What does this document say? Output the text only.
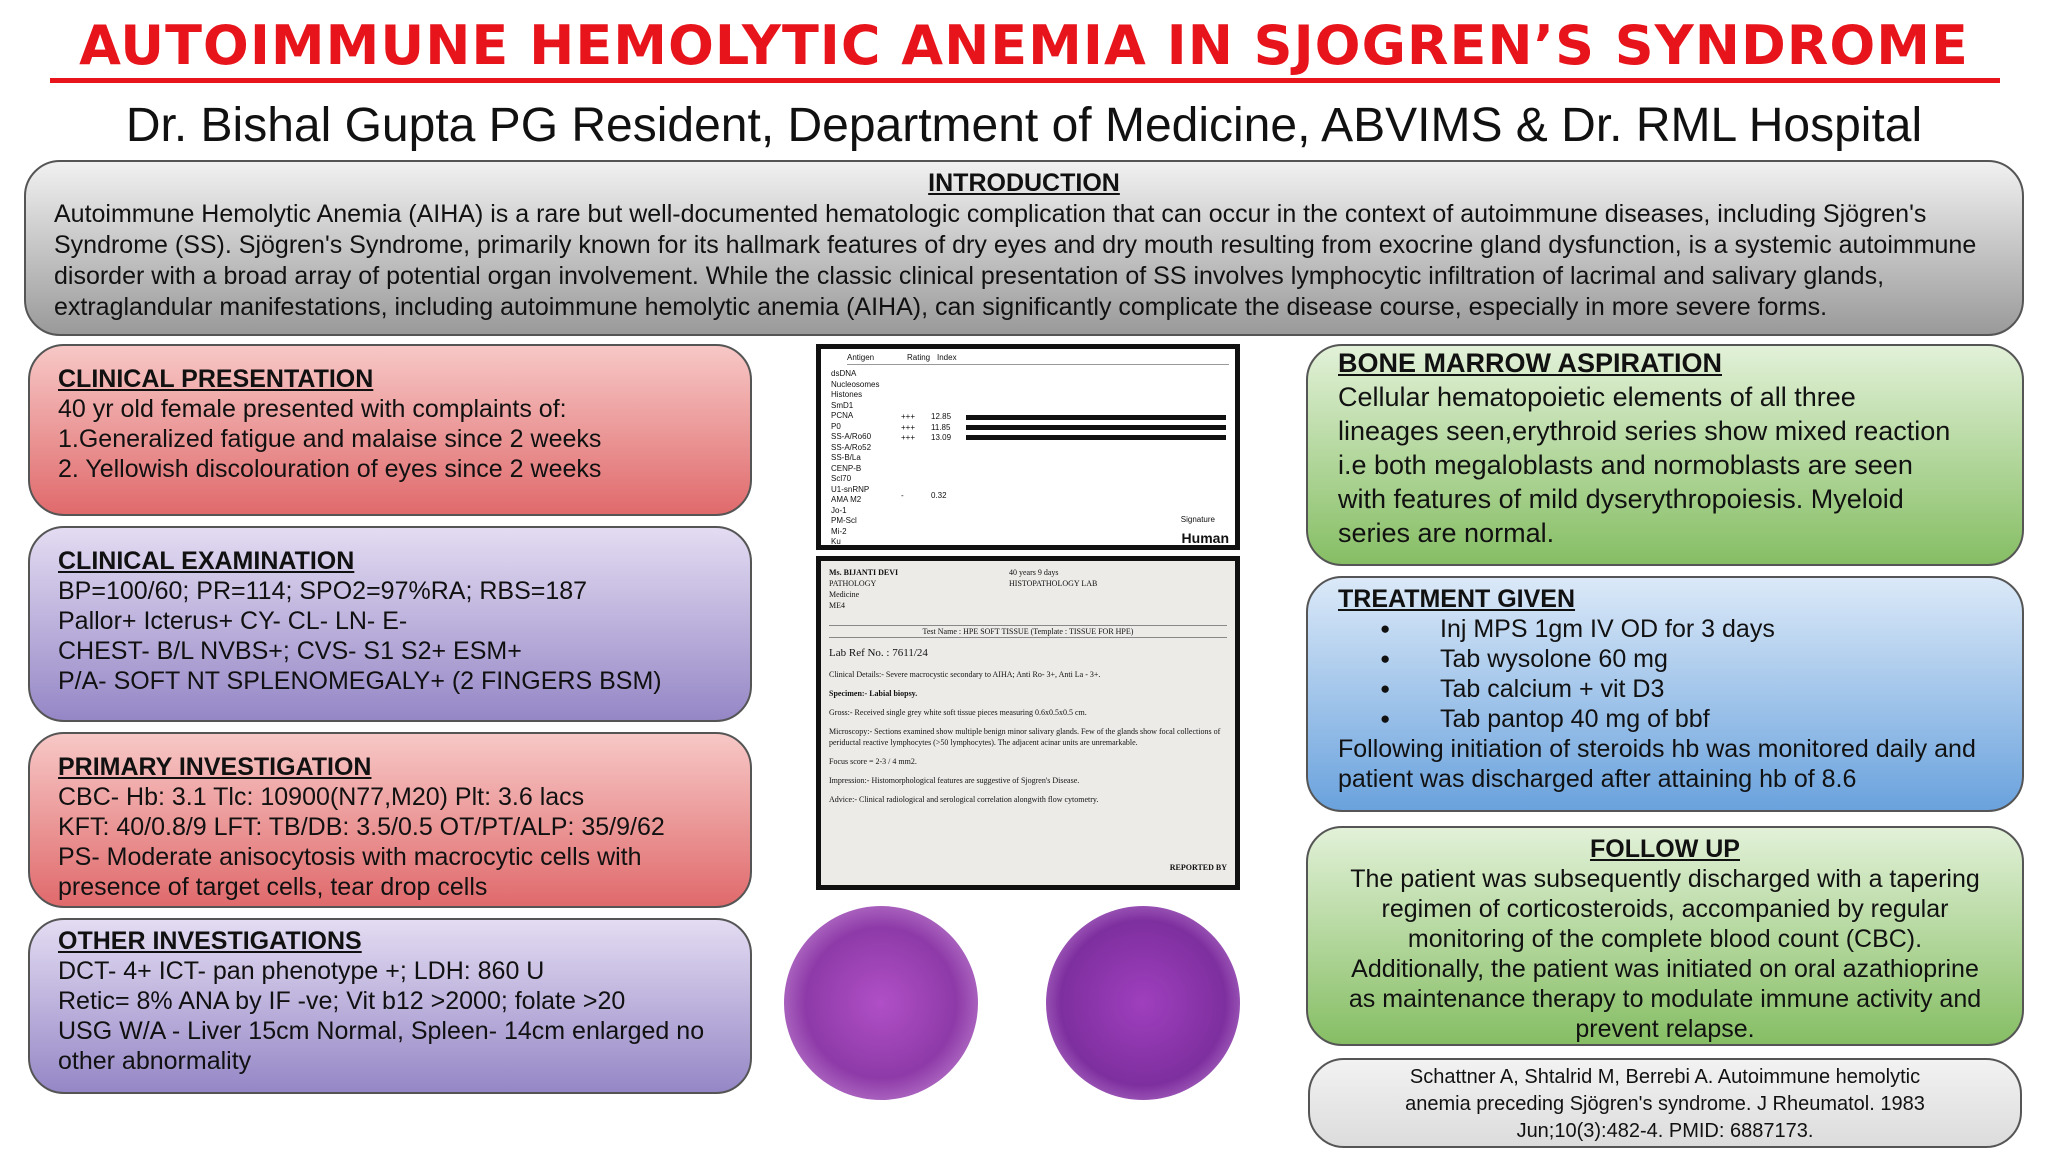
AUTOIMMUNE HEMOLYTIC ANEMIA IN SJOGREN’S SYNDROME
Dr. Bishal Gupta PG Resident, Department of Medicine, ABVIMS & Dr. RML Hospital
INTRODUCTION
Autoimmune Hemolytic Anemia (AIHA) is a rare but well-documented hematologic complication that can occur in the context of autoimmune diseases, including Sjögren's Syndrome (SS). Sjögren's Syndrome, primarily known for its hallmark features of dry eyes and dry mouth resulting from exocrine gland dysfunction, is a systemic autoimmune disorder with a broad array of potential organ involvement. While the classic clinical presentation of SS involves lymphocytic infiltration of lacrimal and salivary glands, extraglandular manifestations, including autoimmune hemolytic anemia (AIHA), can significantly complicate the disease course, especially in more severe forms.
CLINICAL PRESENTATION
40 yr old female presented with complaints of:
1.Generalized fatigue and malaise since 2 weeks
2. Yellowish discolouration of eyes since 2 weeks
CLINICAL EXAMINATION
BP=100/60; PR=114; SPO2=97%RA; RBS=187
Pallor+ Icterus+ CY- CL- LN- E-
CHEST- B/L NVBS+; CVS- S1 S2+ ESM+
P/A- SOFT NT SPLENOMEGALY+ (2 FINGERS BSM)
PRIMARY INVESTIGATION
CBC- Hb: 3.1 Tlc: 10900(N77,M20) Plt: 3.6 lacs
KFT: 40/0.8/9 LFT: TB/DB: 3.5/0.5 OT/PT/ALP: 35/9/62
PS- Moderate anisocytosis with macrocytic cells with
presence of target cells, tear drop cells
OTHER INVESTIGATIONS
DCT- 4+ ICT- pan phenotype +; LDH: 860 U
Retic= 8% ANA by IF -ve; Vit b12 >2000; folate >20
USG W/A - Liver 15cm Normal, Spleen- 14cm enlarged no
other abnormality
Antigen	Rating Index
dsDNA
Nucleosomes
Histones
SmD1
PCNA
P0
SS-A/Ro60
SS-A/Ro52
SS-B/La
CENP-B
Scl70
U1-snRNP
AMA M2
Jo-1
PM-Scl
Mi-2
Ku
+++
+++
+++
12.85
11.85
13.09
-	0.32
Signature
Human
Ms. BIJANTI DEVI
PATHOLOGY
Medicine
ME4
40 years 9 days
HISTOPATHOLOGY LAB
Test Name : HPE SOFT TISSUE (Template : TISSUE FOR HPE)
Lab Ref No. : 7611/24
Clinical Details:- Severe macrocystic secondary to AIHA; Anti Ro- 3+, Anti La - 3+.
Specimen:- Labial biopsy.
Gross:- Received single grey white soft tissue pieces measuring 0.6x0.5x0.5 cm.
Microscopy:- Sections examined show multiple benign minor salivary glands. Few of the glands show focal collections of periductal reactive lymphocytes (>50 lymphocytes). The adjacent acinar units are unremarkable.
Focus score = 2-3 / 4 mm2.
Impression:- Histomorphological features are suggestive of Sjogren's Disease.
Advice:- Clinical radiological and serological correlation alongwith flow cytometry.
REPORTED BY
BONE MARROW ASPIRATION
Cellular hematopoietic elements of all three
lineages seen,erythroid series show mixed reaction
i.e both megaloblasts and normoblasts are seen
with features of mild dyserythropoiesis. Myeloid
series are normal.
TREATMENT GIVEN
● Inj MPS 1gm IV OD for 3 days
● Tab wysolone 60 mg
● Tab calcium + vit D3
● Tab pantop 40 mg of bbf
Following initiation of steroids hb was monitored daily and
patient was discharged after attaining hb of 8.6
FOLLOW UP
The patient was subsequently discharged with a tapering
regimen of corticosteroids, accompanied by regular
monitoring of the complete blood count (CBC).
Additionally, the patient was initiated on oral azathioprine
as maintenance therapy to modulate immune activity and
prevent relapse.
Schattner A, Shtalrid M, Berrebi A. Autoimmune hemolytic
anemia preceding Sjögren's syndrome. J Rheumatol. 1983
Jun;10(3):482-4. PMID: 6887173.
